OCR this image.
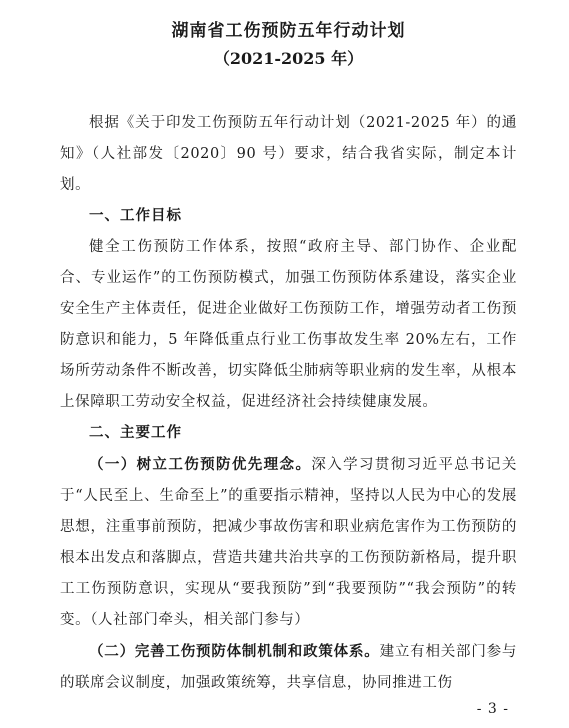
湖南省工伤预防五年行动计划
（2021-2025 年）

根据《关于印发工伤预防五年行动计划（2021-2025 年）的通知》（人社部发〔2020〕90 号）要求，结合我省实际，制定本计划。

一、工作目标

健全工伤预防工作体系，按照“政府主导、部门协作、企业配合、专业运作”的工伤预防模式，加强工伤预防体系建设，落实企业安全生产主体责任，促进企业做好工伤预防工作，增强劳动者工伤预防意识和能力，5 年降低重点行业工伤事故发生率 20%左右，工作场所劳动条件不断改善，切实降低尘肺病等职业病的发生率，从根本上保障职工劳动安全权益，促进经济社会持续健康发展。

二、主要工作

（一）树立工伤预防优先理念。深入学习贯彻习近平总书记关于“人民至上、生命至上”的重要指示精神，坚持以人民为中心的发展思想，注重事前预防，把减少事故伤害和职业病危害作为工伤预防的根本出发点和落脚点，营造共建共治共享的工伤预防新格局，提升职工工伤预防意识，实现从“要我预防”到“我要预防”“我会预防”的转变。（人社部门牵头，相关部门参与）

（二）完善工伤预防体制机制和政策体系。建立有相关部门参与的联席会议制度，加强政策统筹，共享信息，协同推进工伤

- 3 -
